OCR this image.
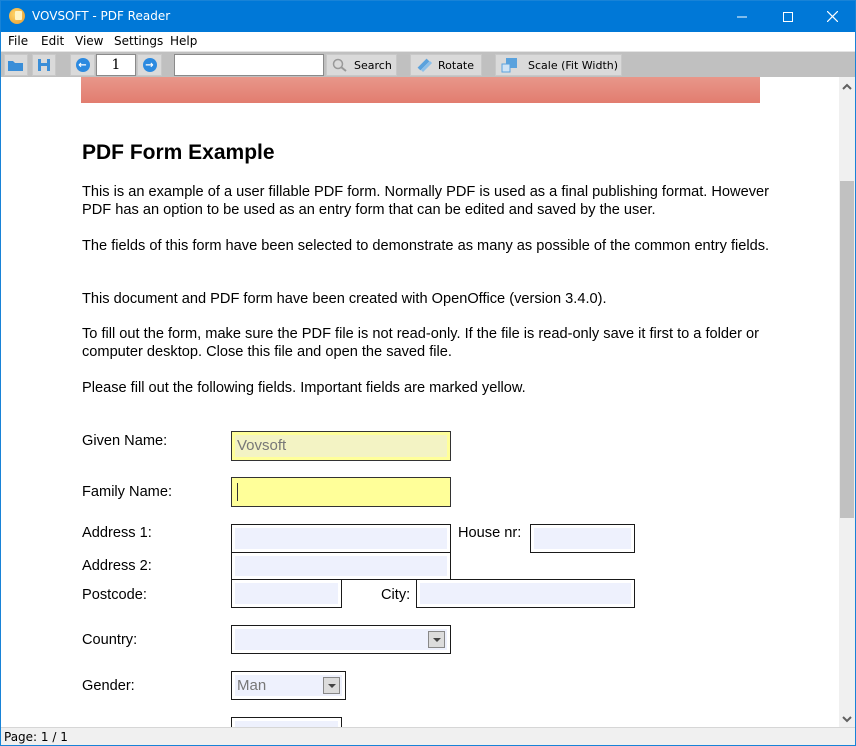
VOVSOFT - PDF Reader
File Edit View Settings Help
←	1	→	Search	Rotate	Scale (Fit Width)
PDF Form Example
This is an example of a user fillable PDF form. Normally PDF is used as a final publishing format. However PDF has an option to be used as an entry form that can be edited and saved by the user.
The fields of this form have been selected to demonstrate as many as possible of the common entry fields.
This document and PDF form have been created with OpenOffice (version 3.4.0).
To fill out the form, make sure the PDF file is not read-only. If the file is read-only save it first to a folder or computer desktop. Close this file and open the saved file.
Please fill out the following fields. Important fields are marked yellow.
Given Name:	Vovsoft
Family Name:
Address 1:	House nr:
Address 2:
Postcode:	City:
Country:
Gender:	Man
Page: 1 / 1
